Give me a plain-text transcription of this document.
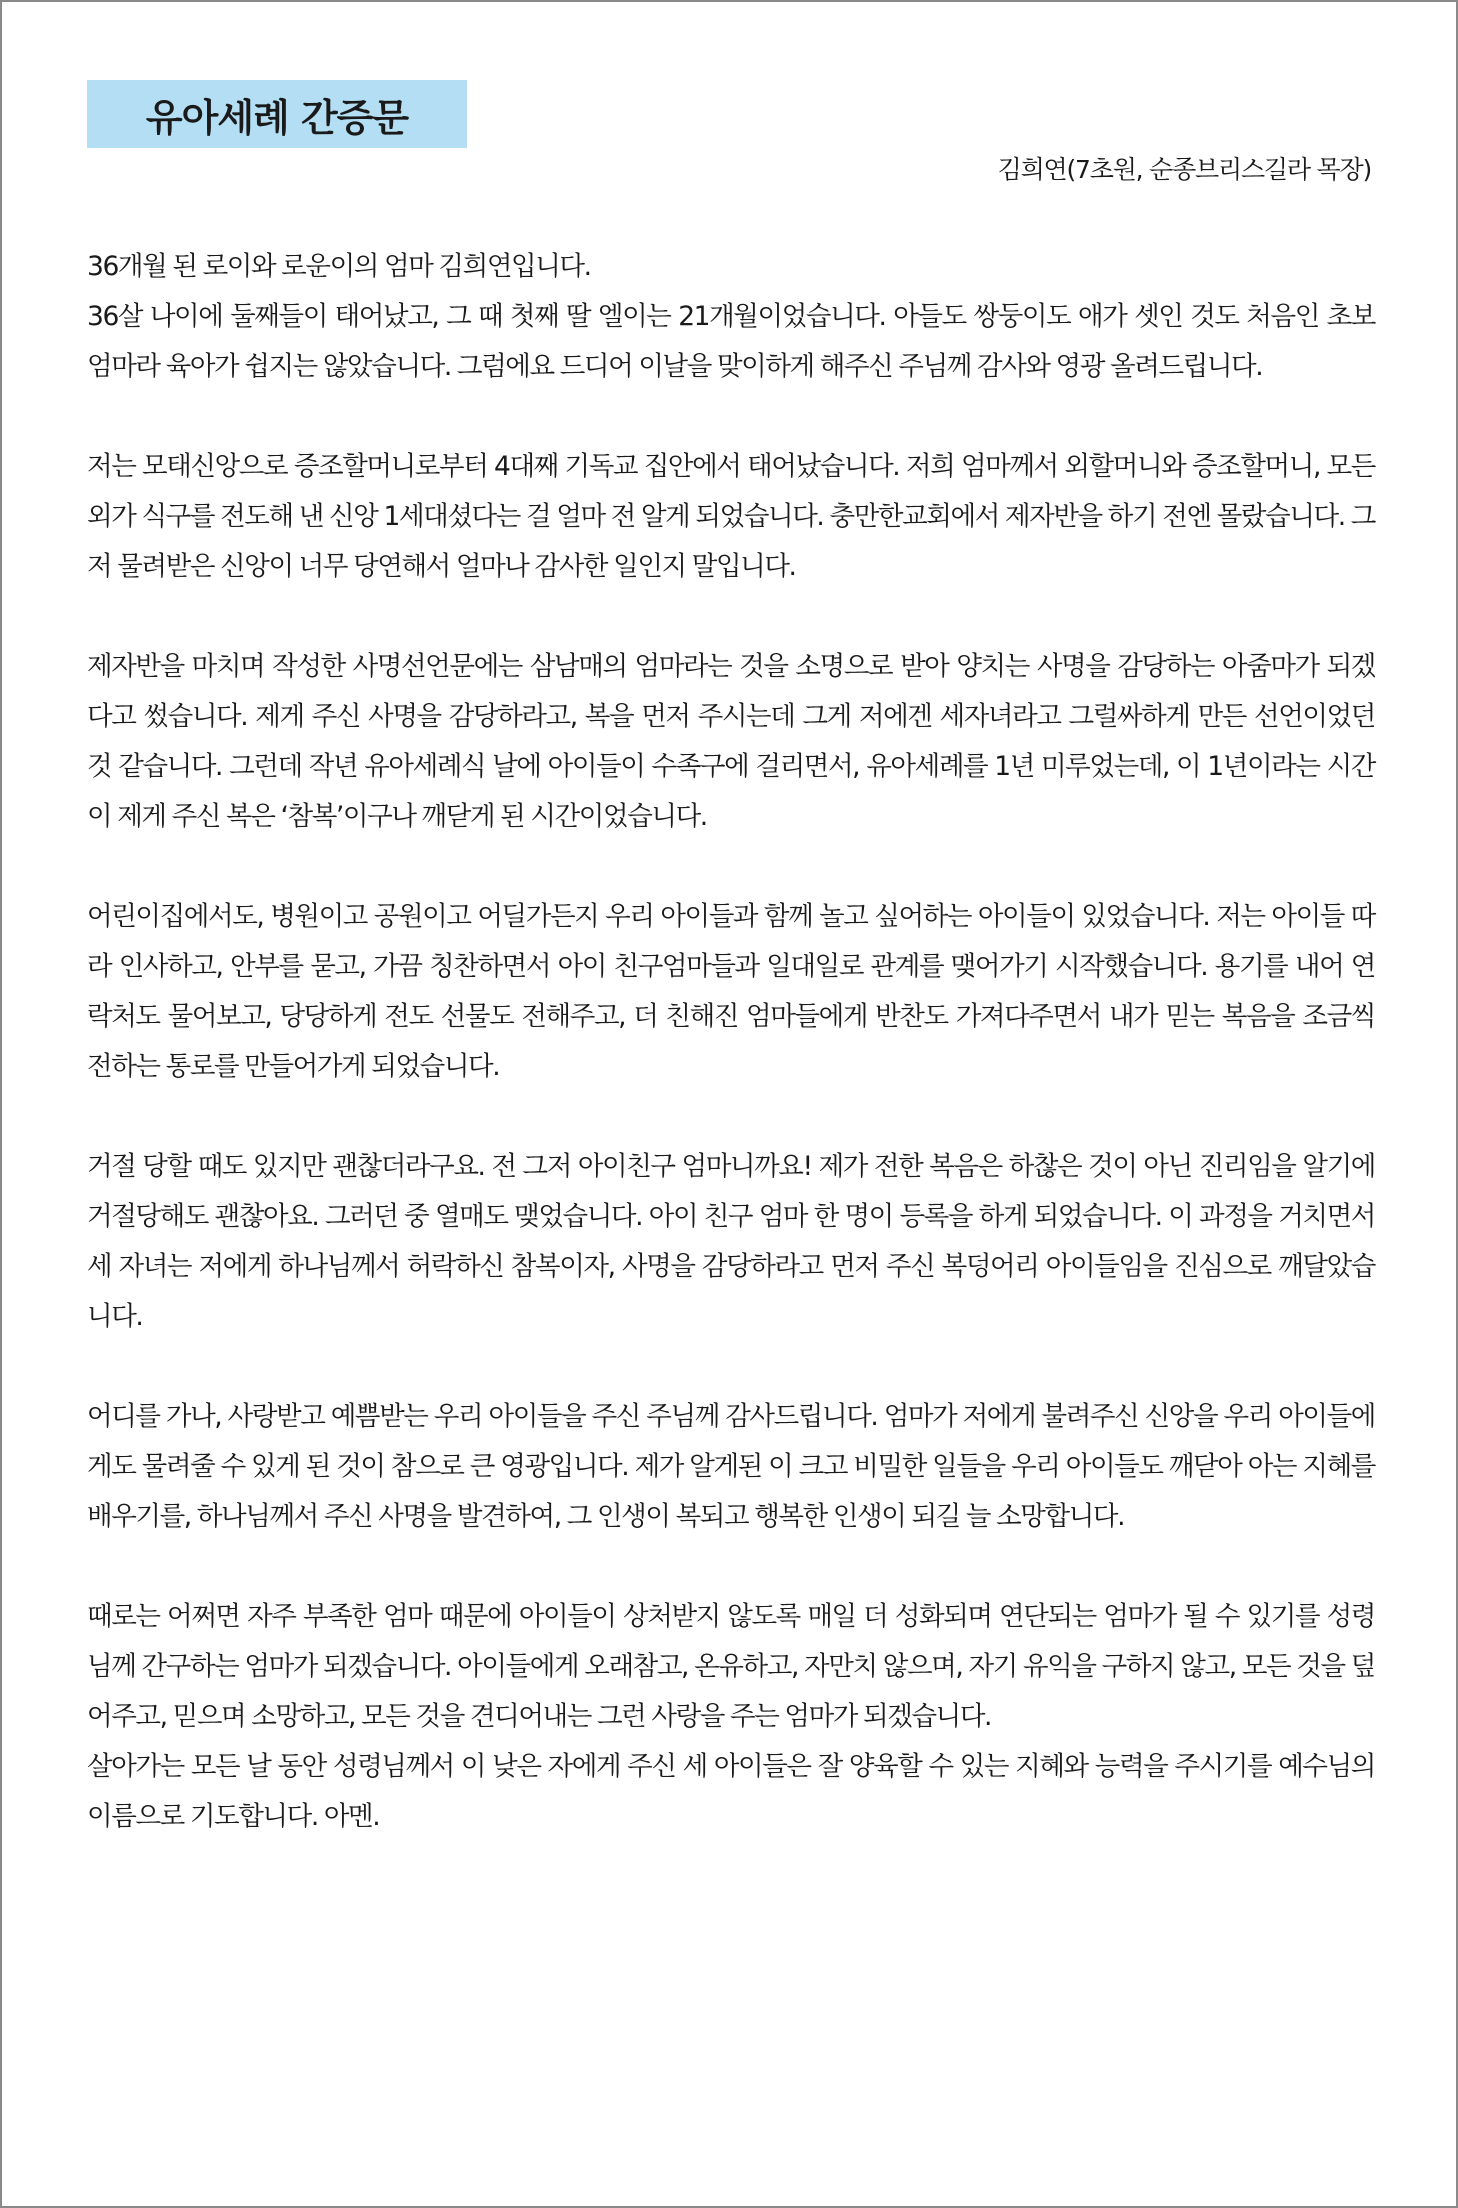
유아세례 간증문
김희연(7초원, 순종브리스길라 목장)

36개월 된 로이와 로운이의 엄마 김희연입니다.
36살 나이에 둘째들이 태어났고, 그 때 첫째 딸 엘이는 21개월이었습니다. 아들도 쌍둥이도 애가 셋인 것도 처음인 초보 엄마라 육아가 쉽지는 않았습니다. 그럼에요 드디어 이날을 맞이하게 해주신 주님께 감사와 영광 올려드립니다.

저는 모태신앙으로 증조할머니로부터 4대째 기독교 집안에서 태어났습니다. 저희 엄마께서 외할머니와 증조할머니, 모든 외가 식구를 전도해 낸 신앙 1세대셨다는 걸 얼마 전 알게 되었습니다. 충만한교회에서 제자반을 하기 전엔 몰랐습니다. 그저 물려받은 신앙이 너무 당연해서 얼마나 감사한 일인지 말입니다.

제자반을 마치며 작성한 사명선언문에는 삼남매의 엄마라는 것을 소명으로 받아 양치는 사명을 감당하는 아줌마가 되겠다고 썼습니다. 제게 주신 사명을 감당하라고, 복을 먼저 주시는데 그게 저에겐 세자녀라고 그럴싸하게 만든 선언이었던 것 같습니다. 그런데 작년 유아세례식 날에 아이들이 수족구에 걸리면서, 유아세례를 1년 미루었는데, 이 1년이라는 시간이 제게 주신 복은 ‘참복’이구나 깨닫게 된 시간이었습니다.

어린이집에서도, 병원이고 공원이고 어딜가든지 우리 아이들과 함께 놀고 싶어하는 아이들이 있었습니다. 저는 아이들 따라 인사하고, 안부를 묻고, 가끔 칭찬하면서 아이 친구엄마들과 일대일로 관계를 맺어가기 시작했습니다. 용기를 내어 연락처도 물어보고, 당당하게 전도 선물도 전해주고, 더 친해진 엄마들에게 반찬도 가져다주면서 내가 믿는 복음을 조금씩 전하는 통로를 만들어가게 되었습니다.

거절 당할 때도 있지만 괜찮더라구요. 전 그저 아이친구 엄마니까요! 제가 전한 복음은 하찮은 것이 아닌 진리임을 알기에 거절당해도 괜찮아요. 그러던 중 열매도 맺었습니다. 아이 친구 엄마 한 명이 등록을 하게 되었습니다. 이 과정을 거치면서 세 자녀는 저에게 하나님께서 허락하신 참복이자, 사명을 감당하라고 먼저 주신 복덩어리 아이들임을 진심으로 깨달았습니다.

어디를 가나, 사랑받고 예쁨받는 우리 아이들을 주신 주님께 감사드립니다. 엄마가 저에게 불려주신 신앙을 우리 아이들에게도 물려줄 수 있게 된 것이 참으로 큰 영광입니다. 제가 알게된 이 크고 비밀한 일들을 우리 아이들도 깨닫아 아는 지혜를 배우기를, 하나님께서 주신 사명을 발견하여, 그 인생이 복되고 행복한 인생이 되길 늘 소망합니다.

때로는 어쩌면 자주 부족한 엄마 때문에 아이들이 상처받지 않도록 매일 더 성화되며 연단되는 엄마가 될 수 있기를 성령님께 간구하는 엄마가 되겠습니다. 아이들에게 오래참고, 온유하고, 자만치 않으며, 자기 유익을 구하지 않고, 모든 것을 덮어주고, 믿으며 소망하고, 모든 것을 견디어내는 그런 사랑을 주는 엄마가 되겠습니다.
살아가는 모든 날 동안 성령님께서 이 낮은 자에게 주신 세 아이들은 잘 양육할 수 있는 지혜와 능력을 주시기를 예수님의 이름으로 기도합니다. 아멘.
